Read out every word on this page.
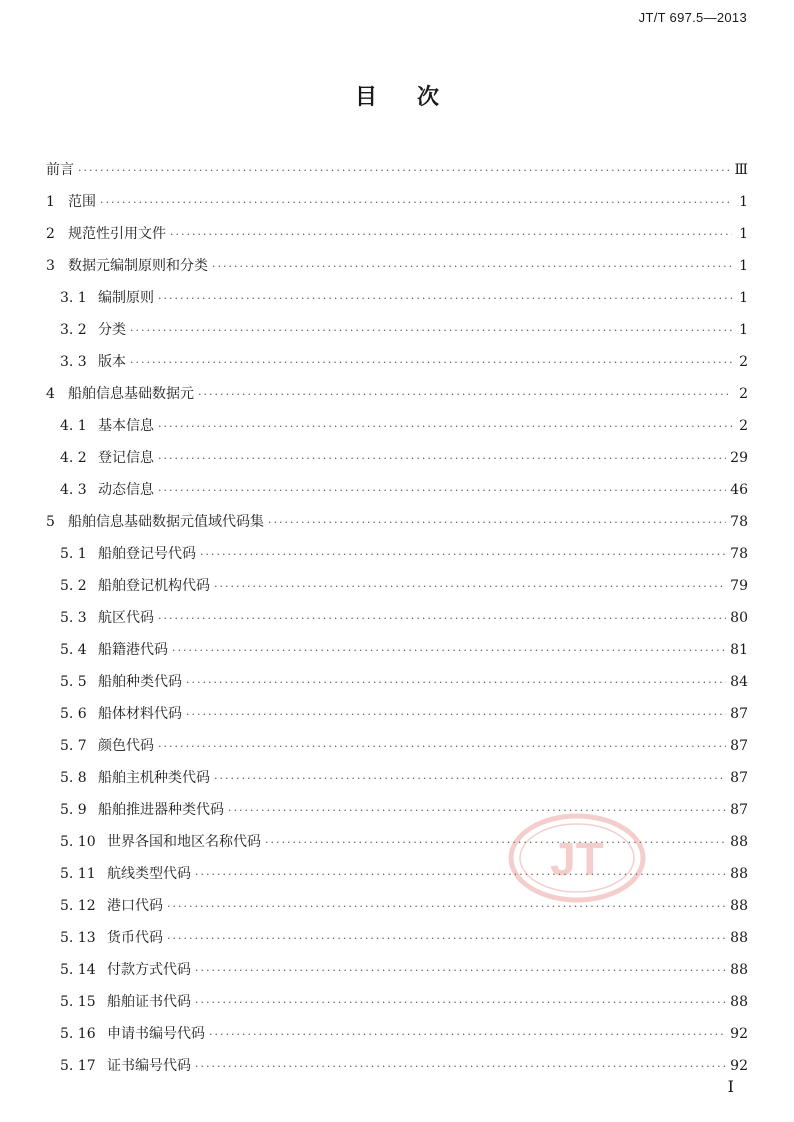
JT/T 697.5—2013
目 次
前言 ·····	Ⅲ
1 范围 ·····	1
2 规范性引用文件 ·····	1
3 数据元编制原则和分类 ·····	1
3. 1 编制原则 ·····	1
3. 2 分类 ·····	1
3. 3 版本 ·····	2
4 船舶信息基础数据元 ·····	2
4. 1 基本信息 ·····	2
4. 2 登记信息 ·····	29
4. 3 动态信息 ·····	46
5 船舶信息基础数据元值域代码集 ·····	78
5. 1 船舶登记号代码 ·····	78
5. 2 船舶登记机构代码 ·····	79
5. 3 航区代码 ·····	80
5. 4 船籍港代码 ·····	81
5. 5 船舶种类代码 ·····	84
5. 6 船体材料代码 ·····	87
5. 7 颜色代码 ·····	87
5. 8 船舶主机种类代码 ·····	87
5. 9 船舶推进器种类代码 ·····	87
5. 10 世界各国和地区名称代码 ·····	88
5. 11 航线类型代码 ·····	88
5. 12 港口代码 ·····	88
5. 13 货币代码 ·····	88
5. 14 付款方式代码 ·····	88
5. 15 船舶证书代码 ·····	88
5. 16 申请书编号代码 ·····	92
5. 17 证书编号代码 ·····	92
JT
I
